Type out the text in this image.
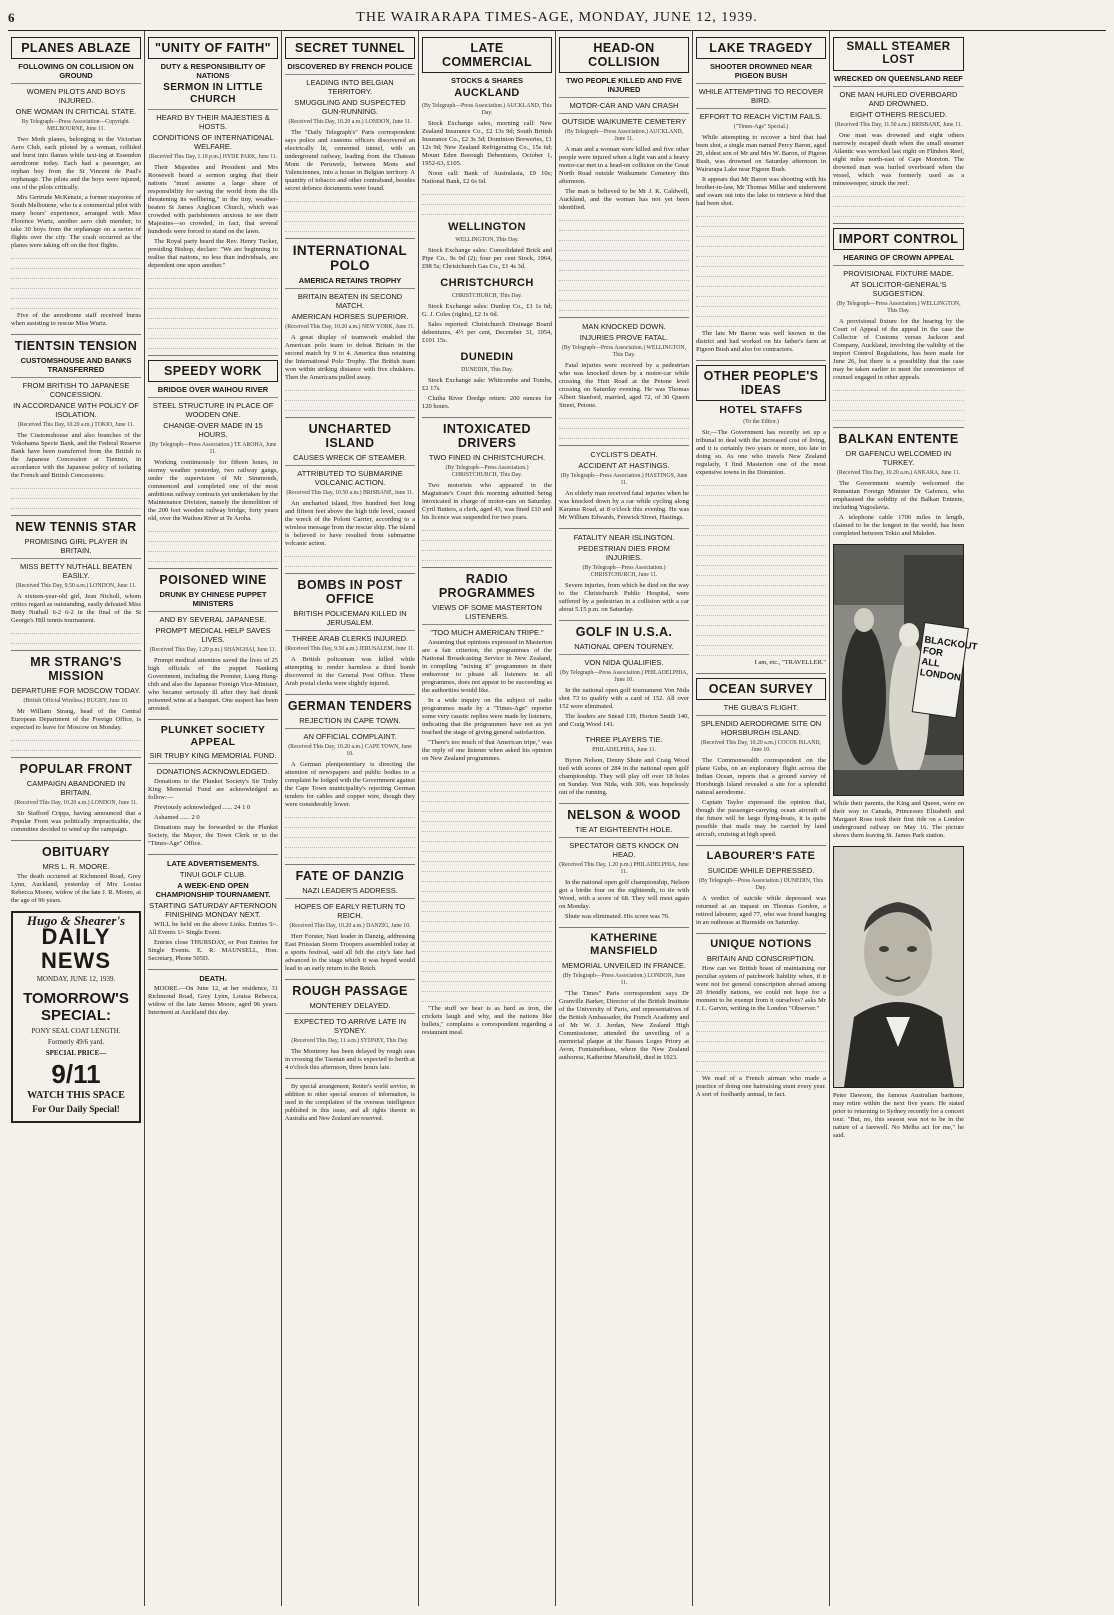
6	THE WAIRARAPA TIMES-AGE, MONDAY, JUNE 12, 1939.
PLANES ABLAZE
FOLLOWING ON COLLISION ON GROUND
WOMEN PILOTS AND BOYS INJURED.
ONE WOMAN IN CRITICAL STATE.
By Telegraph—Press Association—Copyright. MELBOURNE, June 11.

Two Moth planes, belonging to the Victorian Aero Club, each piloted by a woman, collided and burst into flames while taxi-ing at Essendon aerodrome today. Each had a passenger, an orphan boy from the St Vincent de Paul's orphanage. The pilots and the boys were injured, one of the pilots critically.

Mrs Gertrude McKenzie, a former mayoress of South Melbourne, who is a commercial pilot with many hours' experience, arranged with Miss Florence Wurtz, another aero club member, to take 30 boys from the orphanage on a series of flights over the city. The crash occurred as the planes were taking off on the first flights.

Five of the aerodrome staff received burns when assisting to rescue Miss Wurtz.

TIENTSIN TENSION
CUSTOMSHOUSE AND BANKS TRANSFERRED
FROM BRITISH TO JAPANESE CONCESSION.
IN ACCORDANCE WITH POLICY OF ISOLATION.
(Received This Day, 10.20 a.m.) TOKIO, June 11.

The Customshouse and also branches of the Yokohama Specie Bank, and the Federal Reserve Bank have been transferred from the British to the Japanese Concession at Tientsin, in accordance with the Japanese policy of isolating the French and British Concessions.

NEW TENNIS STAR
PROMISING GIRL PLAYER IN BRITAIN.
MISS BETTY NUTHALL BEATEN EASILY.
(Received This Day, 9.50 a.m.) LONDON, June 11.

A sixteen-year-old girl, Jean Nicholl, whom critics regard as outstanding, easily defeated Miss Betty Nuthall 6-2 6-2 in the final of the St George's Hill tennis tournament.

MR STRANG'S MISSION
DEPARTURE FOR MOSCOW TODAY.
(British Official Wireless.) RUGBY, June 10.

Mr William Strang, head of the Central European Department of the Foreign Office, is expected to leave for Moscow on Monday.

POPULAR FRONT
CAMPAIGN ABANDONED IN BRITAIN.
(Received This Day, 10.20 a.m.) LONDON, June 11.

Sir Stafford Cripps, having announced that a Popular Front was politically impracticable, the committee decided to wind up the campaign.

OBITUARY
MRS L. R. MOORE.

The death occurred at Richmond Road, Grey Lynn, Auckland, yesterday of Mrs Louisa Rebecca Moore, widow of the late J. R. Moore, at the age of 96 years.

Hugo & Shearer's
DAILY NEWS
MONDAY, JUNE 12, 1939.
TOMORROW'S SPECIAL:
PONY SEAL COAT LENGTH.
Formerly 49/6 yard.
SPECIAL PRICE—
9/11
WATCH THIS SPACE
For Our Daily Special!
"UNITY OF FAITH"
DUTY & RESPONSIBILITY OF NATIONS
SERMON IN LITTLE CHURCH
HEARD BY THEIR MAJESTIES & HOSTS.
CONDITIONS OF INTERNATIONAL WELFARE.
(Received This Day, 1.10 p.m.) HYDE PARK, June 11.

Their Majesties and President and Mrs Roosevelt heard a sermon urging that their nations "must assume a large share of responsibility for saving the world from the ills threatening its wellbeing," in the tiny, weather-beaten St James Anglican Church, which was crowded with parishioners anxious to see their Majesties—so crowded, in fact, that several hundreds were forced to stand on the lawn.

The Royal party heard the Rev. Henry Tucker, presiding Bishop, declare: "We are beginning to realise that nations, no less than individuals, are dependent one upon another."

SPEEDY WORK
BRIDGE OVER WAIHOU RIVER
STEEL STRUCTURE IN PLACE OF WOODEN ONE.
CHANGE-OVER MADE IN 15 HOURS.
(By Telegraph—Press Association.) TE AROHA, June 11.

Working continuously for fifteen hours, in stormy weather yesterday, two railway gangs, under the supervision of Mr Simmonds, commenced and completed one of the most ambitious railway contracts yet undertaken by the Maintenance Division, namely the demolition of the 200 feet wooden railway bridge, forty years old, over the Waihou River at Te Aroha.

POISONED WINE
DRUNK BY CHINESE PUPPET MINISTERS
AND BY SEVERAL JAPANESE.
PROMPT MEDICAL HELP SAVES LIVES.
(Received This Day, 1.20 p.m.) SHANGHAI, June 11.

Prompt medical attention saved the lives of 25 high officials of the puppet Nanking Government, including the Premier, Liang Hung-chih and also the Japanese Foreign Vice-Minister, who became seriously ill after they had drunk poisoned wine at a banquet. One suspect has been arrested.

PLUNKET SOCIETY APPEAL
SIR TRUBY KING MEMORIAL FUND.
DONATIONS ACKNOWLEDGED.

Donations to the Plunket Society's Sir Truby King Memorial Fund are acknowledged as follow:—

Previously acknowledged ...... 24 1 0

Ashamed ...... 2 0

Donations may be forwarded to the Plunket Society, the Mayor, the Town Clerk or to the "Times-Age" Office.

LATE ADVERTISEMENTS.
TINUI GOLF CLUB.
A WEEK-END OPEN CHAMPIONSHIP TOURNAMENT.
STARTING SATURDAY AFTERNOON FINISHING MONDAY NEXT.

WILL be held on the above Links. Entries 5/-. All Events 1/- Single Event.

Entries close THURSDAY, or Post Entries for Single Events. E. R. MAUNSELL, Hon. Secretary, Phone 505D.

DEATH.

MOORE.—On June 12, at her residence, 31 Richmond Road, Grey Lynn, Louisa Rebecca, widow of the late James Moore, aged 96 years. Interment at Auckland this day.

SECRET TUNNEL
DISCOVERED BY FRENCH POLICE
LEADING INTO BELGIAN TERRITORY.
SMUGGLING AND SUSPECTED GUN-RUNNING.
(Received This Day, 10.20 a.m.) LONDON, June 11.

The "Daily Telegraph's" Paris correspondent says police and customs officers discovered an electrically lit, cemented tunnel, with an underground railway, leading from the Chateau Mont de Peruwelz, between Mons and Valenciennes, into a house in Belgian territory. A quantity of tobacco and other contraband, besides secret defence documents were found.

INTERNATIONAL POLO
AMERICA RETAINS TROPHY
BRITAIN BEATEN IN SECOND MATCH.
AMERICAN HORSES SUPERIOR.
(Received This Day, 10.20 a.m.) NEW YORK, June 11.

A great display of teamwork enabled the American polo team to defeat Britain in the second match by 9 to 4. America thus retaining the International Polo Trophy. The British team won within striking distance with five chukkers. Then the Americans pulled away.

UNCHARTED ISLAND
CAUSES WRECK OF STEAMER.
ATTRIBUTED TO SUBMARINE VOLCANIC ACTION.
(Received This Day, 10.50 a.m.) BRISBANE, June 11.

An uncharted island, five hundred feet long and fifteen feet above the high tide level, caused the wreck of the Poloni Carrier, according to a wireless message from the rescue ship. The island is believed to have resulted from submarine volcanic action.

BOMBS IN POST OFFICE
BRITISH POLICEMAN KILLED IN JERUSALEM.
THREE ARAB CLERKS INJURED.
(Received This Day, 9.50 a.m.) JERUSALEM, June 11.

A British policeman was killed while attempting to render harmless a third bomb discovered in the General Post Office. Three Arab postal clerks were slightly injured.

GERMAN TENDERS
REJECTION IN CAPE TOWN.
AN OFFICIAL COMPLAINT.
(Received This Day, 10.20 a.m.) CAPE TOWN, June 10.

A German plenipotentiary is directing the attention of newspapers and public bodies to a complaint he lodged with the Government against the Cape Town municipality's rejecting German tenders for cables and copper wire, though they were considerably lower.

FATE OF DANZIG
NAZI LEADER'S ADDRESS.
HOPES OF EARLY RETURN TO REICH.
(Received This Day, 10.20 a.m.) DANZIG, June 10.

Herr Forster, Nazi leader in Danzig, addressing East Prussian Storm Troopers assembled today at a sports festival, said all felt the city's fate had advanced to the stage which it was hoped would lead to an early return to the Reich.

ROUGH PASSAGE
MONTEREY DELAYED.
EXPECTED TO ARRIVE LATE IN SYDNEY.
(Received This Day, 11 a.m.) SYDNEY, This Day.

The Monterey has been delayed by rough seas in crossing the Tasman and is expected to berth at 4 o'clock this afternoon, three hours late.

By special arrangement, Reuter's world service, in addition to other special sources of information, is used in the compilation of the overseas intelligence published in this issue, and all rights therein in Australia and New Zealand are reserved.

LATE COMMERCIAL
STOCKS & SHARES
AUCKLAND
(By Telegraph—Press Association.) AUCKLAND, This Day.

Stock Exchange sales, morning call: New Zealand Insurance Co., £2 13s 9d; South British Insurance Co., £2 3s 3d; Dominion Breweries, £1 12s 9d; New Zealand Refrigerating Co., 15s 6d; Mount Eden Borough Debentures, October 1, 1952-63, £105.

Noon call: Bank of Australasia, £9 10s; National Bank, £2 6s 6d.

WELLINGTON
WELLINGTON, This Day.

Stock Exchange sales: Consolidated Brick and Pipe Co., 9s 9d (2); four per cent Stock, 1964, £98 5s; Christchurch Gas Co., £1 4s 3d.

CHRISTCHURCH
CHRISTCHURCH, This Day.

Stock Exchange sales: Dunlop Co., £1 1s 6d; G. J. Coles (rights), £2 1s 6d.

Sales reported: Christchurch Drainage Board debentures, 4½ per cent, December 31, 1954, £101 15s.

DUNEDIN
DUNEDIN, This Day.

Stock Exchange sale: Whitcombe and Tombs, £2 17s.

Clutha River Dredge return: 200 ounces for 120 hours.

INTOXICATED DRIVERS
TWO FINED IN CHRISTCHURCH.
(By Telegraph—Press Association.) CHRISTCHURCH, This Day.

Two motorists who appeared in the Magistrate's Court this morning admitted being intoxicated in charge of motor-cars on Saturday. Cyril Butters, a clerk, aged 43, was fined £10 and his licence was suspended for two years.

RADIO PROGRAMMES
VIEWS OF SOME MASTERTON LISTENERS.
"TOO MUCH AMERICAN TRIPE."

Assuming that opinions expressed in Masterton are a fair criterion, the programmes of the National Broadcasting Service in New Zealand, in compiling "mixing it" programmes in their endeavour to please all listeners in all programmes, does not appear to be succeeding as the authorities would like.

In a wide inquiry on the subject of radio programmes made by a "Times-Age" reporter some very caustic replies were made by listeners, indicating that the programmes have not as yet reached the stage of giving general satisfaction.

"There's too much of that American tripe," was the reply of one listener when asked his opinion on New Zealand programmes.

"The stuff we hear is as hard as iron, the crickets laugh and why, and the nations like bullets," complains a correspondent regarding a restaurant meal.

HEAD-ON COLLISION
TWO PEOPLE KILLED AND FIVE INJURED
MOTOR-CAR AND VAN CRASH
OUTSIDE WAIKUMETE CEMETERY
(By Telegraph—Press Association.) AUCKLAND, June 11.

A man and a woman were killed and five other people were injured when a light van and a heavy motor-car met in a head-on collision on the Great North Road outside Waikumete Cemetery this afternoon.

The man is believed to be Mr J. K. Caldwell, Auckland, and the woman has not yet been identified.

MAN KNOCKED DOWN.
INJURIES PROVE FATAL.
(By Telegraph—Press Association.) WELLINGTON, This Day.

Fatal injuries were received by a pedestrian who was knocked down by a motor-car while crossing the Hutt Road at the Petone level crossing on Saturday evening. He was Thomas Albert Stanford, married, aged 72, of 30 Queen Street, Petone.

CYCLIST'S DEATH.
ACCIDENT AT HASTINGS.
(By Telegraph—Press Association.) HASTINGS, June 11.

An elderly man received fatal injuries when he was knocked down by a car while cycling along Karamu Road, at 8 o'clock this evening. He was Mr William Edwards, Fenwick Street, Hastings.

FATALITY NEAR ISLINGTON.
PEDESTRIAN DIES FROM INJURIES.
(By Telegraph—Press Association.) CHRISTCHURCH, June 11.

Severe injuries, from which he died on the way to the Christchurch Public Hospital, were suffered by a pedestrian in a collision with a car about 5.15 p.m. on Saturday.

GOLF IN U.S.A.
NATIONAL OPEN TOURNEY.
VON NIDA QUALIFIES.
(By Telegraph—Press Association.) PHILADELPHIA, June 10.

In the national open golf tournament Von Nida shot 73 to qualify with a card of 152. All over 152 were eliminated.

The leaders are Snead 139, Horton Smith 140, and Craig Wood 141.

THREE PLAYERS TIE.
PHILADELPHIA, June 11.

Byron Nelson, Denny Shute and Craig Wood tied with scores of 284 in the national open golf championship. They will play off over 18 holes on Sunday. Von Nida, with 306, was hopelessly out of the running.

NELSON & WOOD
TIE AT EIGHTEENTH HOLE.
SPECTATOR GETS KNOCK ON HEAD.
(Received This Day, 1.20 p.m.) PHILADELPHIA, June 11.

In the national open golf championship, Nelson got a birdie four on the eighteenth, to tie with Wood, with a score of 68. They will meet again on Monday.

Shute was eliminated. His score was 76.

KATHERINE MANSFIELD
MEMORIAL UNVEILED IN FRANCE.
(By Telegraph—Press Association.) LONDON, June 11.

"The Times" Paris correspondent says Dr Granville Barker, Director of the British Institute of the University of Paris, and representatives of the British Ambassador, the French Academy and of Mr W. J. Jordan, New Zealand High Commissioner, attended the unveiling of a memorial plaque at the Basses Loges Priory at Avon, Fontainebleau, where the New Zealand authoress, Katherine Mansfield, died in 1923.

LAKE TRAGEDY
SHOOTER DROWNED NEAR PIGEON BUSH
WHILE ATTEMPTING TO RECOVER BIRD.
EFFORT TO REACH VICTIM FAILS.
("Times-Age" Special.)

While attempting to recover a bird that had been shot, a single man named Percy Baron, aged 29, eldest son of Mr and Mrs W. Baron, of Pigeon Bush, was drowned on Saturday afternoon in Wairarapa Lake near Pigeon Bush.

It appears that Mr Baron was shooting with his brother-in-law, Mr Thomas Millar and underwent and swam out into the lake to retrieve a bird that had been shot.

The late Mr Baron was well known in the district and had worked on his father's farm at Pigeon Bush and also for contractors.

OTHER PEOPLE'S IDEAS
HOTEL STAFFS
(To the Editor.)

Sir,—The Government has recently set up a tribunal to deal with the increased cost of living, and it is certainly two years or more, too late in doing so. As one who travels New Zealand regularly, I find Masterton one of the most expensive towns in the Dominion.

I am, etc., "TRAVELLER."

OCEAN SURVEY
THE GUBA'S FLIGHT.
SPLENDID AERODROME SITE ON HORSBURGH ISLAND.
(Received This Day, 10.20 a.m.) COCOS ISLAND, June 10.

The Commonwealth correspondent on the plane Guba, on an exploratory flight across the Indian Ocean, reports that a ground survey of Horsburgh Island revealed a site for a splendid natural aerodrome.

Captain Taylor expressed the opinion that, though the passenger-carrying ocean aircraft of the future will be large flying-boats, it is quite possible that mails may be carried by land aircraft, cruising at high speed.

LABOURER'S FATE
SUICIDE WHILE DEPRESSED.
(By Telegraph—Press Association.) DUNEDIN, This Day.

A verdict of suicide while depressed was returned at an inquest on Thomas Gordon, a retired labourer, aged 77, who was found hanging in an outhouse at Burnside on Saturday.

UNIQUE NOTIONS
BRITAIN AND CONSCRIPTION.

How can we British boast of maintaining our peculiar system of patchwork liability when, if it were not for general conscription abroad among 20 friendly nations, we could not hope for a moment to be exempt from it ourselves? asks Mr J. L. Garvin, writing in the London "Observer."

We read of a French airman who made a practice of doing one hairraising stunt every year. A sort of foolhardy annual, in fact.

SMALL STEAMER LOST
WRECKED ON QUEENSLAND REEF
ONE MAN HURLED OVERBOARD AND DROWNED.
EIGHT OTHERS RESCUED.
(Received This Day, 11.50 a.m.) BRISBANE, June 11.

One man was drowned and eight others narrowly escaped death when the small steamer Atlantic was wrecked last night on Flinders Reef, eight miles north-east of Cape Moreton. The drowned man was hurled overboard when the vessel, which was formerly used as a minesweeper, struck the reef.

IMPORT CONTROL
HEARING OF CROWN APPEAL
PROVISIONAL FIXTURE MADE.
AT SOLICITOR-GENERAL'S SUGGESTION.
(By Telegraph—Press Association.) WELLINGTON, This Day.

A provisional fixture for the hearing by the Court of Appeal of the appeal in the case the Collector of Customs versus Jackson and Company, Auckland, involving the validity of the import Control Regulations, has been made for June 26, but there is a possibility that the case may be taken earlier to meet the convenience of counsel engaged in other appeals.

BALKAN ENTENTE
DR GAFENCU WELCOMED IN TURKEY.
(Received This Day, 10.20 a.m.) ANKARA, June 11.

The Government warmly welcomed the Rumanian Foreign Minister Dr Gafencu, who emphasised the solidity of the Balkan Entente, including Yugoslavia.

A telephone cable 1700 miles in length, claimed to be the longest in the world, has been completed between Tokio and Mukden.

BLACKOUT FOR ALL LONDON

While their parents, the King and Queen, were on their way to Canada, Princesses Elizabeth and Margaret Rose took their first ride on a London underground railway on May 16. The picture shows them leaving St. James Park station.

Peter Dawson, the famous Australian baritone, may retire within the next five years. He stated prior to returning to Sydney recently for a concert tour. "But, no, this season was not to be in the nature of a farewell. No Melba act for me," he said.
